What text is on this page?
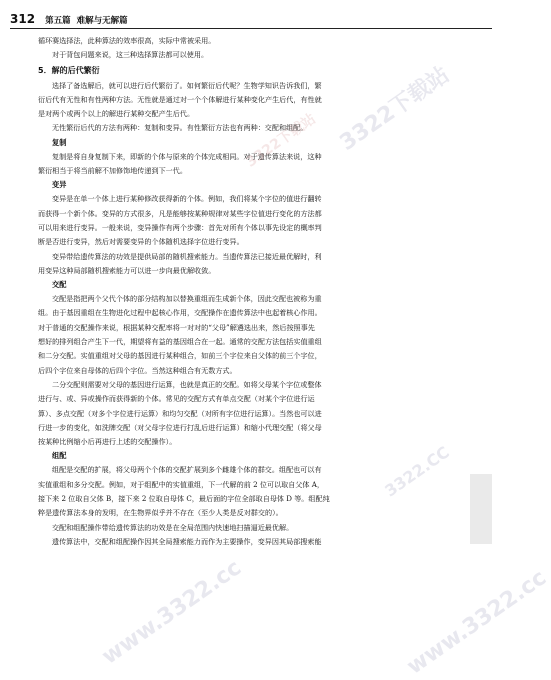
312 第五篇 难解与无解篇

循环赛选择法，此种算法的效率很高，实际中常被采用。

对于背包问题来说，这三种选择算法都可以使用。

5．解的后代繁衍

选择了备选解后，就可以进行后代繁衍了。如何繁衍后代呢？生物学知识告诉我们，繁

衍后代有无性和有性两种方法。无性就是通过对一个个体解进行某种变化产生后代，有性就

是对两个或两个以上的解进行某种交配产生后代。

无性繁衍后代的方法有两种：复制和变异。有性繁衍方法也有两种：交配和组配。

复制

复制是将自身复制下来，即新的个体与原来的个体完成相同。对于遗传算法来说，这种

繁衍相当于将当前解不加修饰地传递到下一代。

变异

变异是在单一个体上进行某种修改获得新的个体。例如，我们将某个字位的值进行翻转

而获得一个新个体。变异的方式很多，凡是能够按某种规律对某些字位值进行变化的方法都

可以用来进行变异。一般来说，变异操作有两个步骤：首先对所有个体以事先设定的概率判

断是否进行变异，然后对需要变异的个体随机选择字位进行变异。

变异带给遗传算法的功效是提供局部的随机搜索能力。当遗传算法已接近最优解时，利

用变异这种局部随机搜索能力可以进一步向最优解收敛。

交配

交配是指把两个父代个体的部分结构加以替换重组而生成新个体，因此交配也被称为重

组。由于基因重组在生物进化过程中起核心作用，交配操作在遗传算法中也起着核心作用。

对于普通的交配操作来说，根据某种交配率将一对对的“父母”解遴选出来，然后按照事先

想好的排列组合产生下一代，期望将有益的基因组合在一起。通常的交配方法包括实值重组

和二分交配。实值重组对父母的基因进行某种组合，如前三个字位来自父体的前三个字位，

后四个字位来自母体的后四个字位。当然这种组合有无数方式。

二分交配则需要对父母的基因进行运算，也就是真正的交配。如将父母某个字位或整体

进行与、或、异或操作而获得新的个体。常见的交配方式有单点交配（对某个字位进行运

算）、多点交配（对多个字位进行运算）和均匀交配（对所有字位进行运算）。当然也可以进

行进一步的变化，如洗牌交配（对父母字位进行打乱后进行运算）和缩小代理交配（将父母

按某种比例缩小后再进行上述的交配操作）。

组配

组配是交配的扩展，将父母两个个体的交配扩展到多个雌雄个体的群交。组配也可以有

实值重组和多分交配。例如，对于组配中的实值重组，下一代解的前 2 位可以取自父体 A，

接下来 2 位取自父体 B，接下来 2 位取自母体 C，最后面的字位全部取自母体 D 等。组配纯

粹是遗传算法本身的发明，在生物界似乎并不存在（至少人类是反对群交的）。

交配和组配操作带给遗传算法的功效是在全局范围内快速地扫描逼近最优解。

遗传算法中，交配和组配操作因其全局搜索能力而作为主要操作，变异因其局部搜索能

3322下载站
www.3322.cc	www.3322.cc
3322.CC
3322下载站
